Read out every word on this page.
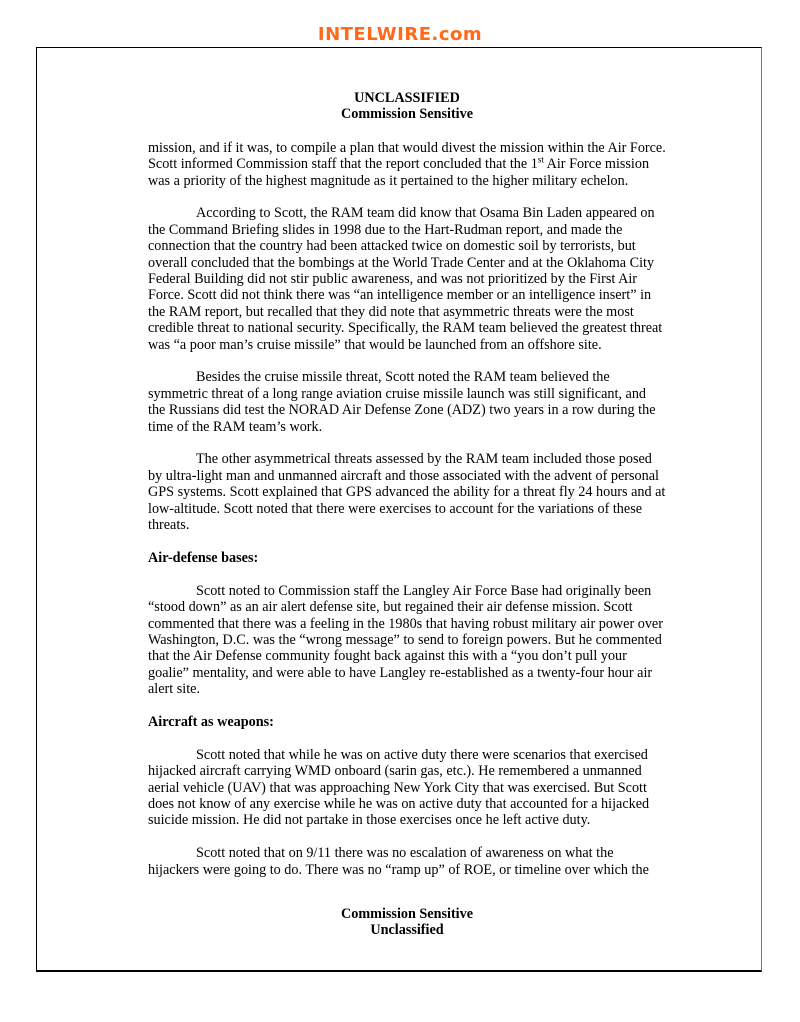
INTELWIRE.com

UNCLASSIFIED

Commission Sensitive

mission, and if it was, to compile a plan that would divest the mission within the Air Force. Scott informed Commission staff that the report concluded that the 1st Air Force mission was a priority of the highest magnitude as it pertained to the higher military echelon.

According to Scott, the RAM team did know that Osama Bin Laden appeared on the Command Briefing slides in 1998 due to the Hart-Rudman report, and made the connection that the country had been attacked twice on domestic soil by terrorists, but overall concluded that the bombings at the World Trade Center and at the Oklahoma City Federal Building did not stir public awareness, and was not prioritized by the First Air Force. Scott did not think there was “an intelligence member or an intelligence insert” in the RAM report, but recalled that they did note that asymmetric threats were the most credible threat to national security. Specifically, the RAM team believed the greatest threat was “a poor man’s cruise missile” that would be launched from an offshore site.

Besides the cruise missile threat, Scott noted the RAM team believed the symmetric threat of a long range aviation cruise missile launch was still significant, and the Russians did test the NORAD Air Defense Zone (ADZ) two years in a row during the time of the RAM team’s work.

The other asymmetrical threats assessed by the RAM team included those posed by ultra-light man and unmanned aircraft and those associated with the advent of personal GPS systems. Scott explained that GPS advanced the ability for a threat fly 24 hours and at low-altitude. Scott noted that there were exercises to account for the variations of these threats.

Air-defense bases:

Scott noted to Commission staff the Langley Air Force Base had originally been “stood down” as an air alert defense site, but regained their air defense mission. Scott commented that there was a feeling in the 1980s that having robust military air power over Washington, D.C. was the “wrong message” to send to foreign powers. But he commented that the Air Defense community fought back against this with a “you don’t pull your goalie” mentality, and were able to have Langley re-established as a twenty-four hour air alert site.

Aircraft as weapons:

Scott noted that while he was on active duty there were scenarios that exercised hijacked aircraft carrying WMD onboard (sarin gas, etc.). He remembered a unmanned aerial vehicle (UAV) that was approaching New York City that was exercised. But Scott does not know of any exercise while he was on active duty that accounted for a hijacked suicide mission. He did not partake in those exercises once he left active duty.

Scott noted that on 9/11 there was no escalation of awareness on what the hijackers were going to do. There was no “ramp up” of ROE, or timeline over which the

Commission Sensitive

Unclassified
